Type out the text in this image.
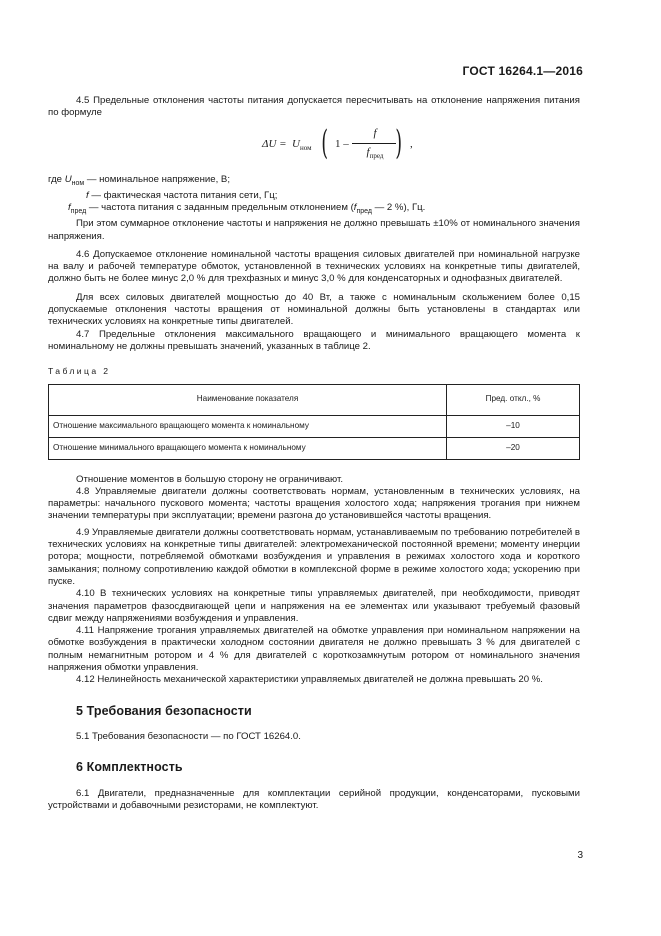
ГОСТ 16264.1—2016

4.5 Предельные отклонения частоты питания допускается пересчитывать на отклонение напряжения питания по формуле

$\Delta U = U_{ном}$ ( 1 –
f
$f_{пред}$ ) ,

где $U_{ном}$ — номинальное напряжение, В;

f — фактическая частота питания сети, Гц;

$f_{пред}$ — частота питания с заданным предельным отклонением ($f_{пред}$ — 2 %), Гц.

При этом суммарное отклонение частоты и напряжения не должно превышать ±10% от номинального значения напряжения.

4.6 Допускаемое отклонение номинальной частоты вращения силовых двигателей при номинальной нагрузке на валу и рабочей температуре обмоток, установленной в технических условиях на конкретные типы двигателей, должно быть не более минус 2,0 % для трехфазных и минус 3,0 % для конденсаторных и однофазных двигателей.

Для всех силовых двигателей мощностью до 40 Вт, а также с номинальным скольжением более 0,15 допускаемые отклонения частоты вращения от номинальной должны быть установлены в стандартах или технических условиях на конкретные типы двигателей.

4.7 Предельные отклонения максимального вращающего и минимального вращающего момента к номинальному не должны превышать значений, указанных в таблице 2.

Таблица 2
Наименование показателя	Пред. откл., %
Отношение максимального вращающего момента к номинальному	–10
Отношение минимального вращающего момента к номинальному	–20

Отношение моментов в большую сторону не ограничивают.

4.8 Управляемые двигатели должны соответствовать нормам, установленным в технических условиях, на параметры: начального пускового момента; частоты вращения холостого хода; напряжения трогания при нижнем значении температуры при эксплуатации; времени разгона до установившейся частоты вращения.

4.9 Управляемые двигатели должны соответствовать нормам, устанавливаемым по требованию потребителей в технических условиях на конкретные типы двигателей: электромеханической постоянной времени; моменту инерции ротора; мощности, потребляемой обмотками возбуждения и управления в режимах холостого хода и короткого замыкания; полному сопротивлению каждой обмотки в комплексной форме в режиме холостого хода; ускорению при пуске.

4.10 В технических условиях на конкретные типы управляемых двигателей, при необходимости, приводят значения параметров фазосдвигающей цепи и напряжения на ее элементах или указывают требуемый фазовый сдвиг между напряжениями возбуждения и управления.

4.11 Напряжение трогания управляемых двигателей на обмотке управления при номинальном напряжении на обмотке возбуждения в практически холодном состоянии двигателя не должно превышать 3 % для двигателей с полным немагнитным ротором и 4 % для двигателей с короткозамкнутым ротором от номинального значения напряжения обмотки управления.

4.12 Нелинейность механической характеристики управляемых двигателей не должна превышать 20 %.

5 Требования безопасности

5.1 Требования безопасности — по ГОСТ 16264.0.

6 Комплектность

6.1 Двигатели, предназначенные для комплектации серийной продукции, конденсаторами, пусковыми устройствами и добавочными резисторами, не комплектуют.

3
